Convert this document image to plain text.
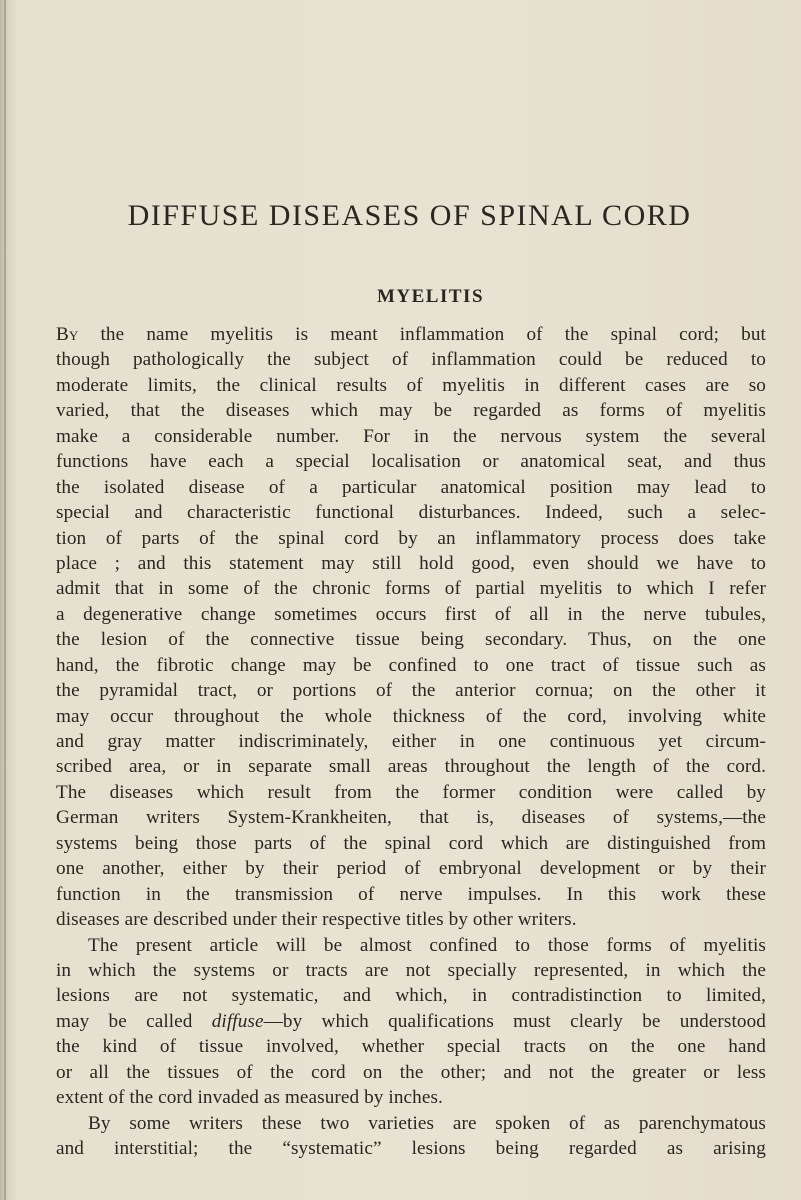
DIFFUSE DISEASES OF SPINAL CORD
MYELITIS
By the name myelitis is meant inflammation of the spinal cord; but
though pathologically the subject of inflammation could be reduced to
moderate limits, the clinical results of myelitis in different cases are so
varied, that the diseases which may be regarded as forms of myelitis
make a considerable number. For in the nervous system the several
functions have each a special localisation or anatomical seat, and thus
the isolated disease of a particular anatomical position may lead to
special and characteristic functional disturbances. Indeed, such a selec-
tion of parts of the spinal cord by an inflammatory process does take
place ; and this statement may still hold good, even should we have to
admit that in some of the chronic forms of partial myelitis to which I refer
a degenerative change sometimes occurs first of all in the nerve tubules,
the lesion of the connective tissue being secondary. Thus, on the one
hand, the fibrotic change may be confined to one tract of tissue such as
the pyramidal tract, or portions of the anterior cornua; on the other it
may occur throughout the whole thickness of the cord, involving white
and gray matter indiscriminately, either in one continuous yet circum-
scribed area, or in separate small areas throughout the length of the cord.
The diseases which result from the former condition were called by
German writers System-Krankheiten, that is, diseases of systems,—the
systems being those parts of the spinal cord which are distinguished from
one another, either by their period of embryonal development or by their
function in the transmission of nerve impulses. In this work these
diseases are described under their respective titles by other writers.
The present article will be almost confined to those forms of myelitis
in which the systems or tracts are not specially represented, in which the
lesions are not systematic, and which, in contradistinction to limited,
may be called diffuse—by which qualifications must clearly be understood
the kind of tissue involved, whether special tracts on the one hand
or all the tissues of the cord on the other; and not the greater or less
extent of the cord invaded as measured by inches.
By some writers these two varieties are spoken of as parenchymatous
and interstitial; the “systematic” lesions being regarded as arising
